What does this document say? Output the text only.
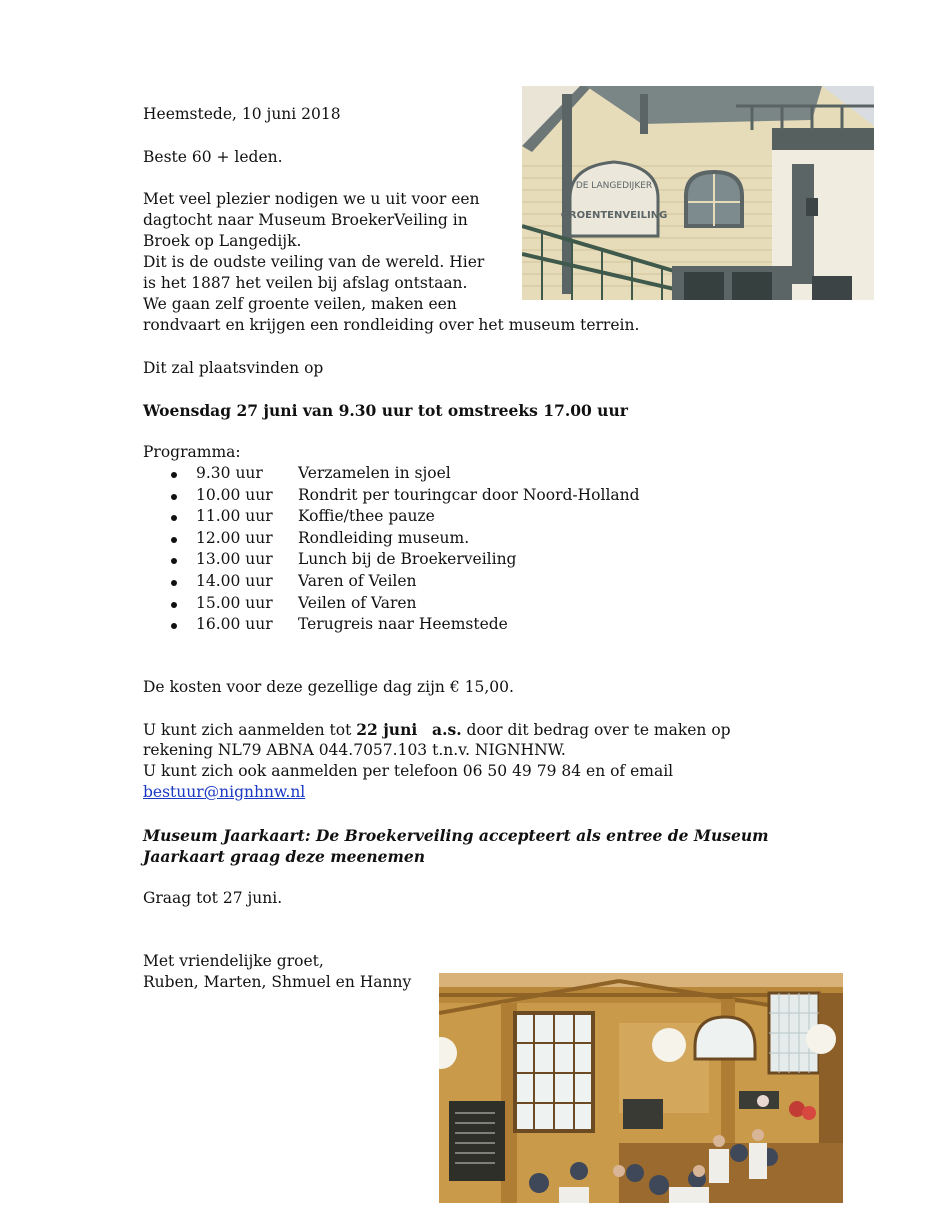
Heemstede, 10 juni 2018
Beste 60 + leden.
Met veel plezier nodigen we u uit voor een
dagtocht naar Museum BroekerVeiling in
Broek op Langedijk.
Dit is de oudste veiling van de wereld. Hier
is het 1887 het veilen bij afslag ontstaan.
We gaan zelf groente veilen, maken een
rondvaart en krijgen een rondleiding over het museum terrein.
Dit zal plaatsvinden op
Woensdag 27 juni van 9.30 uur tot omstreeks 17.00 uur
Programma:
9.30 uur Verzamelen in sjoel
10.00 uur Rondrit per touringcar door Noord-Holland
11.00 uur Koffie/thee pauze
12.00 uur Rondleiding museum.
13.00 uur Lunch bij de Broekerveiling
14.00 uur Varen of Veilen
15.00 uur Veilen of Varen
16.00 uur Terugreis naar Heemstede
De kosten voor deze gezellige dag zijn € 15,00.
U kunt zich aanmelden tot 22 juni a.s. door dit bedrag over te maken op
rekening NL79 ABNA 044.7057.103 t.n.v. NIGNHNW.
U kunt zich ook aanmelden per telefoon 06 50 49 79 84 en of email
bestuur@nignhnw.nl
Museum Jaarkaart: De Broekerveiling accepteert als entree de Museum
Jaarkaart graag deze meenemen
Graag tot 27 juni.
Met vriendelijke groet,
Ruben, Marten, Shmuel en Hanny
DE LANGEDIJKER
GROENTENVEILING
